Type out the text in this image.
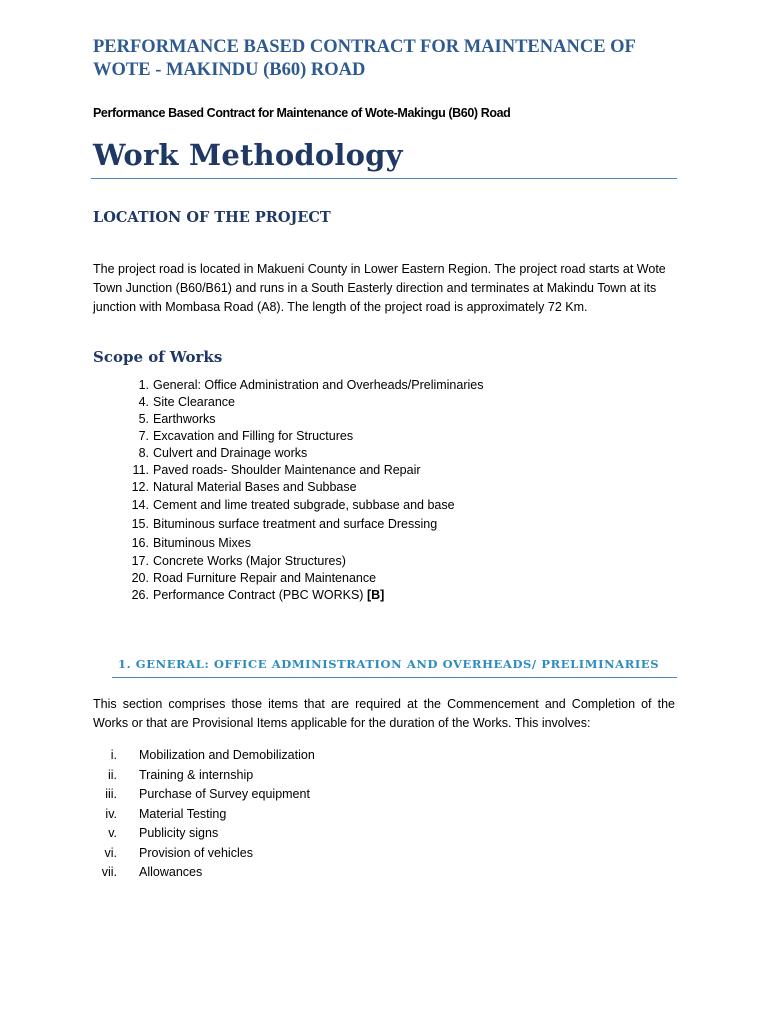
PERFORMANCE BASED CONTRACT FOR MAINTENANCE OF WOTE - MAKINDU (B60) ROAD

Performance Based Contract for Maintenance of Wote-Makingu (B60) Road

Work Methodology
LOCATION OF THE PROJECT

The project road is located in Makueni County in Lower Eastern Region. The project road starts at Wote Town Junction (B60/B61) and runs in a South Easterly direction and terminates at Makindu Town at its junction with Mombasa Road (A8). The length of the project road is approximately 72 Km.

Scope of Works
1. General: Office Administration and Overheads/Preliminaries
4. Site Clearance
5. Earthworks
7. Excavation and Filling for Structures
8. Culvert and Drainage works
11. Paved roads- Shoulder Maintenance and Repair
12. Natural Material Bases and Subbase
14. Cement and lime treated subgrade, subbase and base
15. Bituminous surface treatment and surface Dressing
16. Bituminous Mixes
17. Concrete Works (Major Structures)
20. Road Furniture Repair and Maintenance
26. Performance Contract (PBC WORKS) [B]
1. GENERAL: OFFICE ADMINISTRATION AND OVERHEADS/ PRELIMINARIES

This section comprises those items that are required at the Commencement and Completion of the Works or that are Provisional Items applicable for the duration of the Works. This involves:

i. Mobilization and Demobilization
ii. Training & internship
iii. Purchase of Survey equipment
iv. Material Testing
v. Publicity signs
vi. Provision of vehicles
vii. Allowances
